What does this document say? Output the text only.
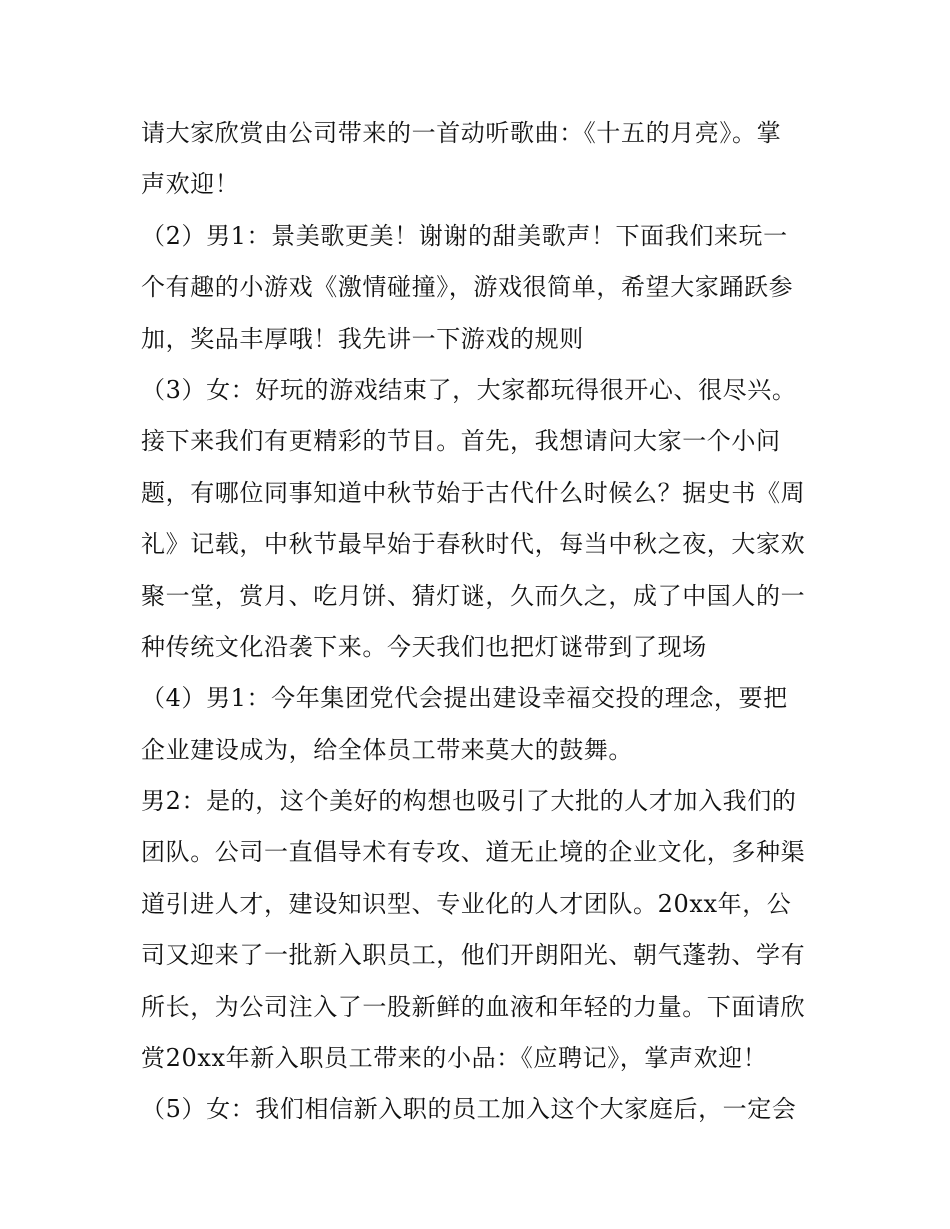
请大家欣赏由公司带来的一首动听歌曲：《十五的月亮》。掌
声欢迎！
（2）男1：景美歌更美！谢谢的甜美歌声！下面我们来玩一
个有趣的小游戏《激情碰撞》，游戏很简单，希望大家踊跃参
加，奖品丰厚哦！我先讲一下游戏的规则
（3）女：好玩的游戏结束了，大家都玩得很开心、很尽兴。
接下来我们有更精彩的节目。首先，我想请问大家一个小问
题，有哪位同事知道中秋节始于古代什么时候么？据史书《周
礼》记载，中秋节最早始于春秋时代，每当中秋之夜，大家欢
聚一堂，赏月、吃月饼、猜灯谜，久而久之，成了中国人的一
种传统文化沿袭下来。今天我们也把灯谜带到了现场
（4）男1：今年集团党代会提出建设幸福交投的理念，要把
企业建设成为，给全体员工带来莫大的鼓舞。
男2：是的，这个美好的构想也吸引了大批的人才加入我们的
团队。公司一直倡导术有专攻、道无止境的企业文化，多种渠
道引进人才，建设知识型、专业化的人才团队。20xx年，公
司又迎来了一批新入职员工，他们开朗阳光、朝气蓬勃、学有
所长，为公司注入了一股新鲜的血液和年轻的力量。下面请欣
赏20xx年新入职员工带来的小品：《应聘记》，掌声欢迎！
（5）女：我们相信新入职的员工加入这个大家庭后，一定会
